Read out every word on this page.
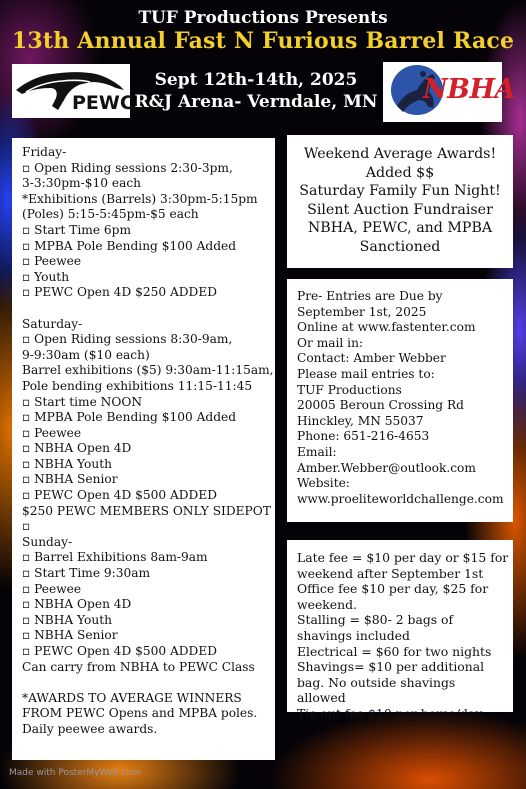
TUF Productions Presents
13th Annual Fast N Furious Barrel Race
PEWC
Sept 12th-14th, 2025
R&J Arena- Verndale, MN NBHA
Friday-
▫ Open Riding sessions 2:30-3pm,
3-3:30pm-$10 each
*Exhibitions (Barrels) 3:30pm-5:15pm
(Poles) 5:15-5:45pm-$5 each
▫ Start Time 6pm
▫ MPBA Pole Bending $100 Added
▫ Peewee
▫ Youth
▫ PEWC Open 4D $250 ADDED
Saturday-
▫ Open Riding sessions 8:30-9am,
9-9:30am ($10 each)
Barrel exhibitions ($5) 9:30am-11:15am,
Pole bending exhibitions 11:15-11:45
▫ Start time NOON
▫ MPBA Pole Bending $100 Added
▫ Peewee
▫ NBHA Open 4D
▫ NBHA Youth
▫ NBHA Senior
▫ PEWC Open 4D $500 ADDED
$250 PEWC MEMBERS ONLY SIDEPOT
▫
Sunday-
▫ Barrel Exhibitions 8am-9am
▫ Start Time 9:30am
▫ Peewee
▫ NBHA Open 4D
▫ NBHA Youth
▫ NBHA Senior
▫ PEWC Open 4D $500 ADDED
Can carry from NBHA to PEWC Class
*AWARDS TO AVERAGE WINNERS
FROM PEWC Opens and MPBA poles.
Daily peewee awards.
Weekend Average Awards!
Added $$
Saturday Family Fun Night!
Silent Auction Fundraiser
NBHA, PEWC, and MPBA
Sanctioned
Pre- Entries are Due by
September 1st, 2025
Online at www.fastenter.com
Or mail in:
Contact: Amber Webber
Please mail entries to:
TUF Productions
20005 Beroun Crossing Rd
Hinckley, MN 55037
Phone: 651-216-4653
Email:
Amber.Webber@outlook.com
Website:
www.proeliteworldchallenge.com
Late fee = $10 per day or $15 for
weekend after September 1st
Office fee $10 per day, $25 for
weekend.
Stalling = $80- 2 bags of
shavings included
Electrical = $60 for two nights
Shavings= $10 per additional
bag. No outside shavings
allowed
Tie out fee $10 per horse/day
Made with PosterMyWall.com
